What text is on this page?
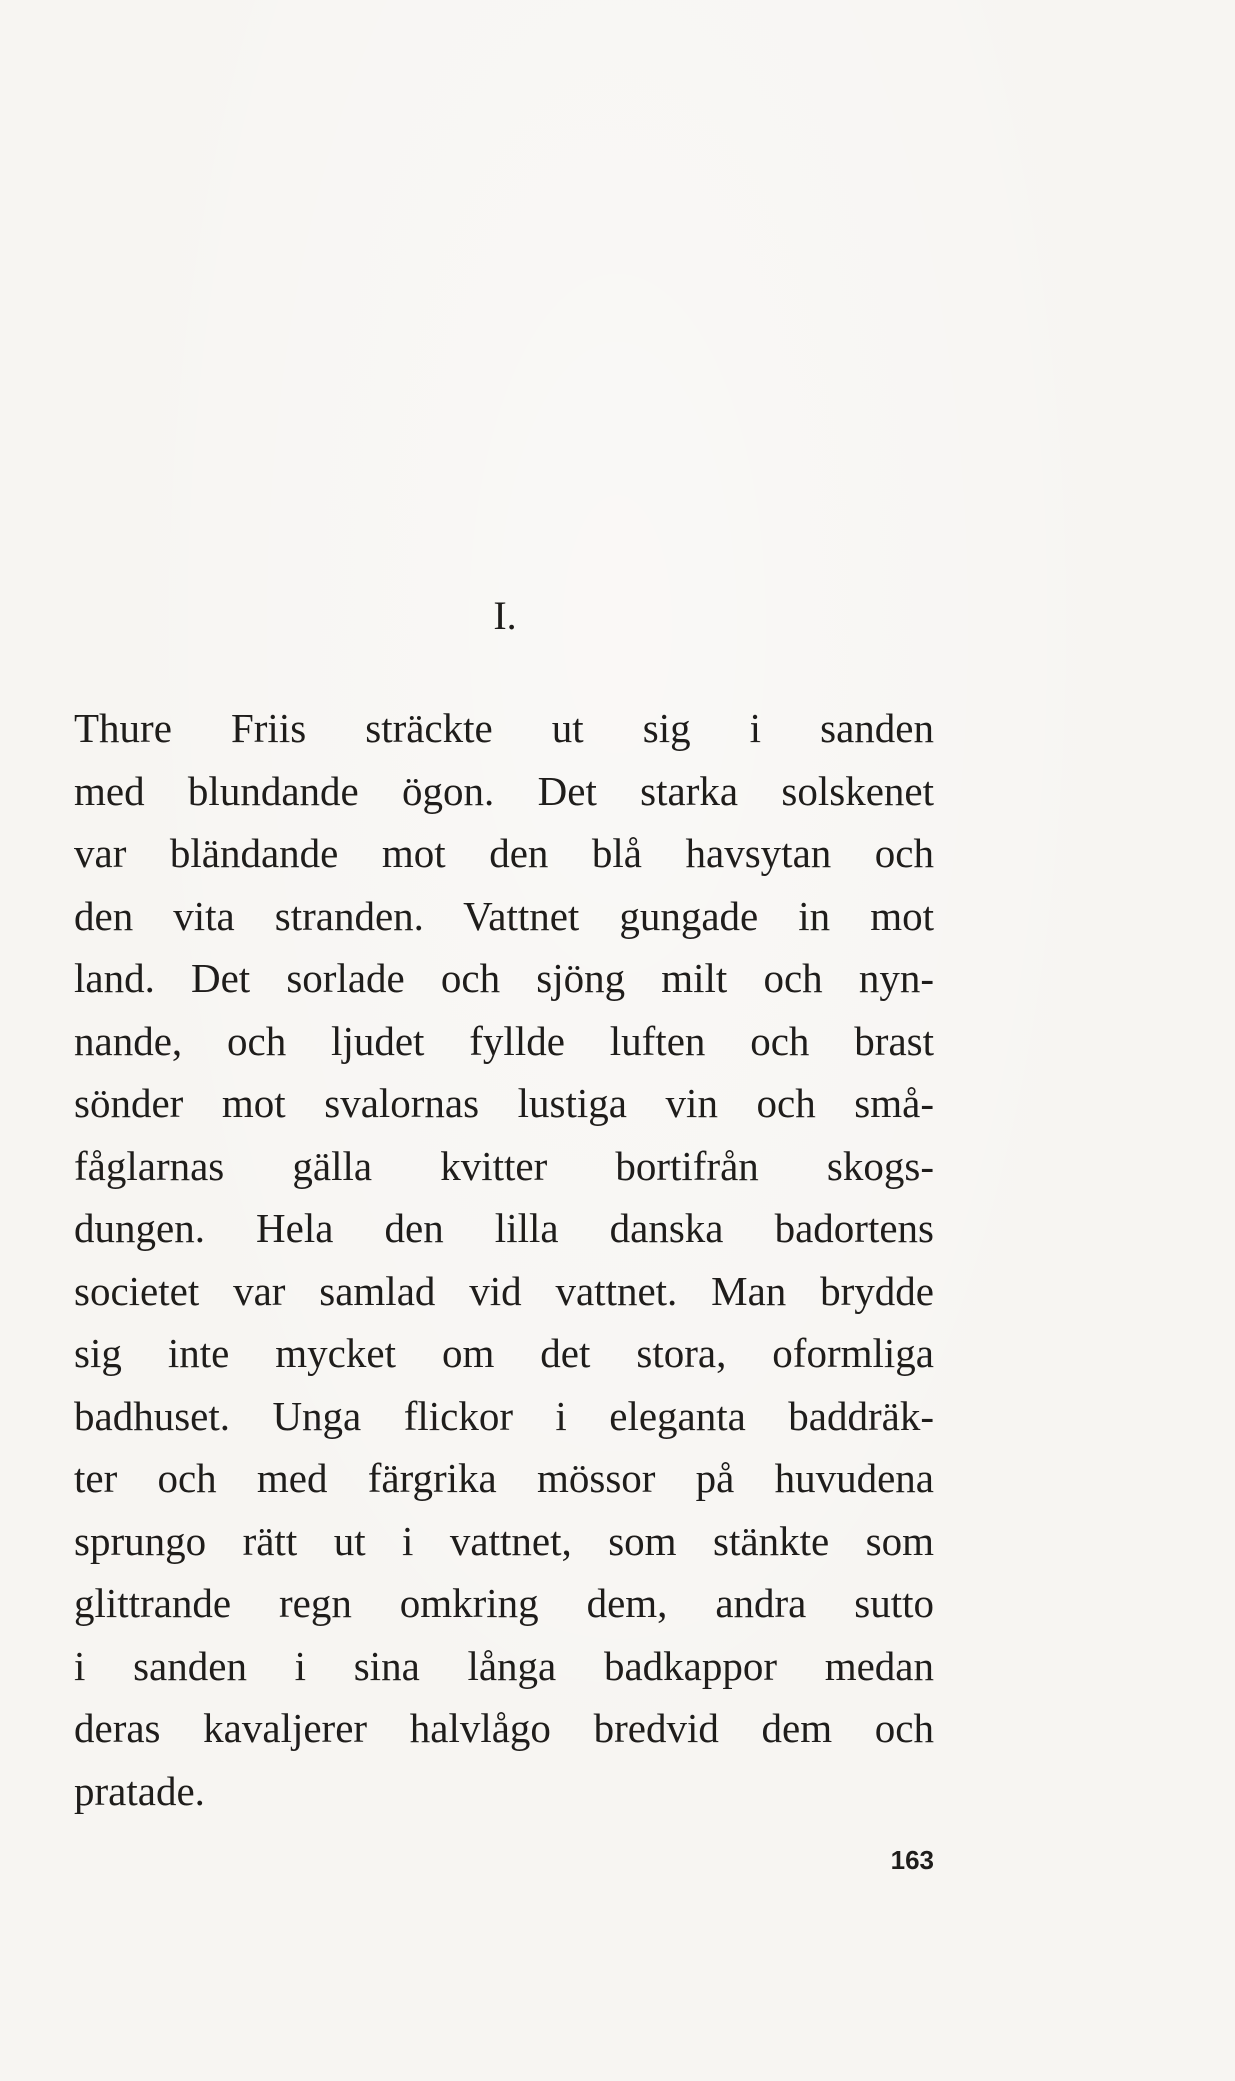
I.
Thure Friis sträckte ut sig i sanden
med blundande ögon. Det starka solskenet
var bländande mot den blå havsytan och
den vita stranden. Vattnet gungade in mot
land. Det sorlade och sjöng milt och nyn-
nande, och ljudet fyllde luften och brast
sönder mot svalornas lustiga vin och små-
fåglarnas gälla kvitter bortifrån skogs-
dungen. Hela den lilla danska badortens
societet var samlad vid vattnet. Man brydde
sig inte mycket om det stora, oformliga
badhuset. Unga flickor i eleganta baddräk-
ter och med färgrika mössor på huvudena
sprungo rätt ut i vattnet, som stänkte som
glittrande regn omkring dem, andra sutto
i sanden i sina långa badkappor medan
deras kavaljerer halvlågo bredvid dem och
pratade.

163
